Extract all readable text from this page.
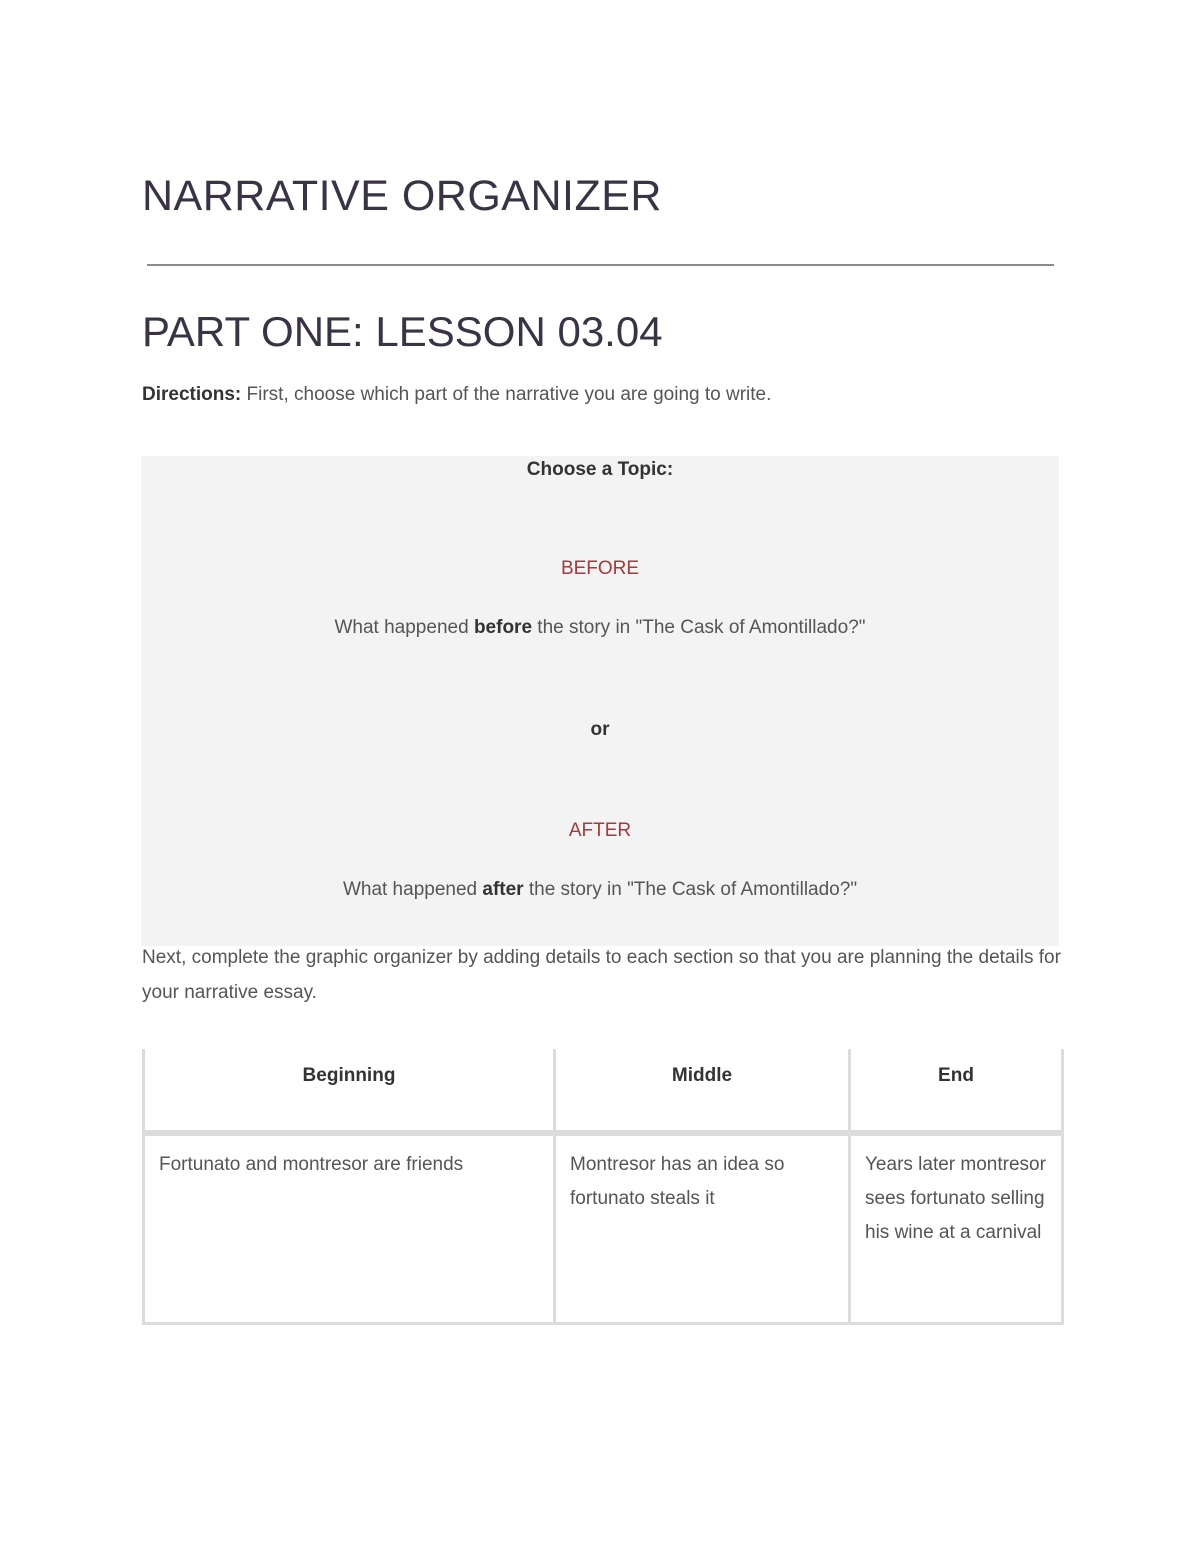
NARRATIVE ORGANIZER
PART ONE: LESSON 03.04

Directions: First, choose which part of the narrative you are going to write.

Choose a Topic:
BEFORE
What happened before the story in "The Cask of Amontillado?"
or
AFTER
What happened after the story in "The Cask of Amontillado?"

Next, complete the graphic organizer by adding details to each section so that you are planning the details for your narrative essay.

Beginning	Middle	End
Fortunato and montresor are friends	Montresor has an idea so fortunato steals it	Years later montresor sees fortunato selling his wine at a carnival
